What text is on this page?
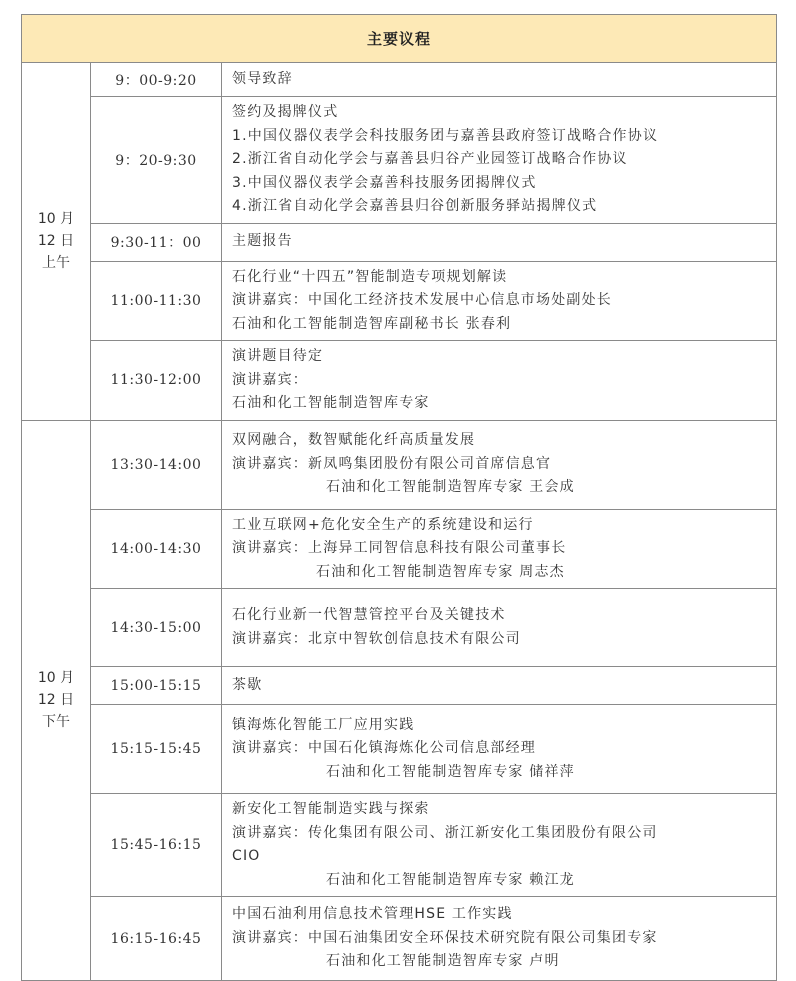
主要议程		

10 月
12 日
上午	9：00-9:20	领导致辞

	9：20-9:30	签约及揭牌仪式
1.中国仪器仪表学会科技服务团与嘉善县政府签订战略合作协议
2.浙江省自动化学会与嘉善县归谷产业园签订战略合作协议
3.中国仪器仪表学会嘉善科技服务团揭牌仪式
4.浙江省自动化学会嘉善县归谷创新服务驿站揭牌仪式

	9:30-11：00	主题报告

	11:00-11:30	石化行业“十四五”智能制造专项规划解读
演讲嘉宾：中国化工经济技术发展中心信息市场处副处长
石油和化工智能制造智库副秘书长 张春利

	11:30-12:00	演讲题目待定
演讲嘉宾：
石油和化工智能制造智库专家

10 月
12 日
下午	13:30-14:00	双网融合，数智赋能化纤高质量发展
演讲嘉宾：新凤鸣集团股份有限公司首席信息官
石油和化工智能制造智库专家 王会成

	14:00-14:30	工业互联网+危化安全生产的系统建设和运行
演讲嘉宾：上海异工同智信息科技有限公司董事长
石油和化工智能制造智库专家 周志杰

	14:30-15:00	石化行业新一代智慧管控平台及关键技术
演讲嘉宾：北京中智软创信息技术有限公司

	15:00-15:15	茶歇

	15:15-15:45	镇海炼化智能工厂应用实践
演讲嘉宾：中国石化镇海炼化公司信息部经理
石油和化工智能制造智库专家 储祥萍

	15:45-16:15	新安化工智能制造实践与探索
演讲嘉宾：传化集团有限公司、浙江新安化工集团股份有限公司
CIO
石油和化工智能制造智库专家 赖江龙

	16:15-16:45	中国石油利用信息技术管理HSE 工作实践
演讲嘉宾：中国石油集团安全环保技术研究院有限公司集团专家
石油和化工智能制造智库专家 卢明
